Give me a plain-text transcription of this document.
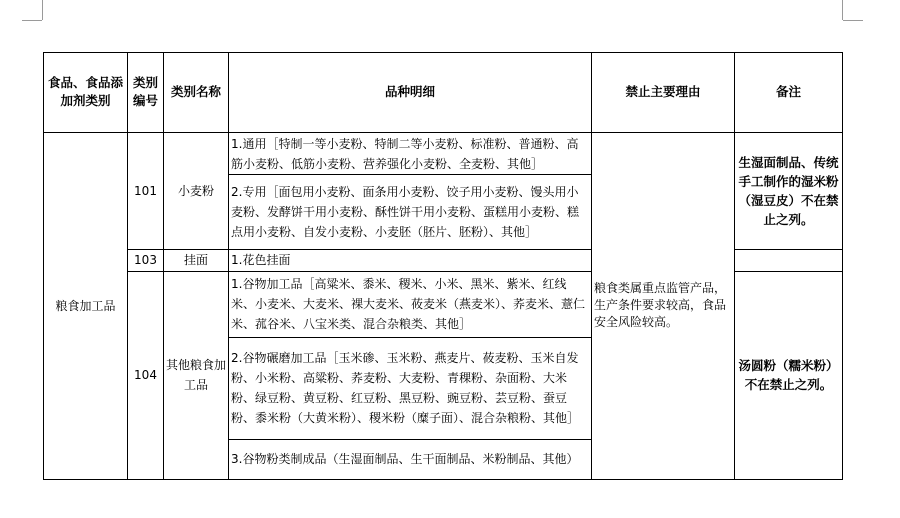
食品、食品添加剂类别	类别编号	类别名称	品种明细	禁止主要理由	备注
粮食加工品	101	小麦粉	1.通用［特制一等小麦粉、特制二等小麦粉、标准粉、普通粉、高筋小麦粉、低筋小麦粉、营养强化小麦粉、全麦粉、其他］	粮食类属重点监管产品，生产条件要求较高，食品安全风险较高。	生湿面制品、传统手工制作的湿米粉（湿豆皮）不在禁止之列。
			2.专用［面包用小麦粉、面条用小麦粉、饺子用小麦粉、馒头用小麦粉、发酵饼干用小麦粉、酥性饼干用小麦粉、蛋糕用小麦粉、糕点用小麦粉、自发小麦粉、小麦胚（胚片、胚粉）、其他］		
	103	挂面	1.花色挂面		
	104	其他粮食加工品	1.谷物加工品［高粱米、黍米、稷米、小米、黑米、紫米、红线米、小麦米、大麦米、裸大麦米、莜麦米（燕麦米）、荞麦米、薏仁米、菰谷米、八宝米类、混合杂粮类、其他］		汤圆粉（糯米粉）不在禁止之列。

			2.谷物碾磨加工品［玉米碜、玉米粉、燕麦片、莜麦粉、玉米自发粉、小米粉、高粱粉、荞麦粉、大麦粉、青稞粉、杂面粉、大米粉、绿豆粉、黄豆粉、红豆粉、黑豆粉、豌豆粉、芸豆粉、蚕豆粉、黍米粉（大黄米粉）、稷米粉（糜子面）、混合杂粮粉、其他］		
			3.谷物粉类制成品（生湿面制品、生干面制品、米粉制品、其他）		
